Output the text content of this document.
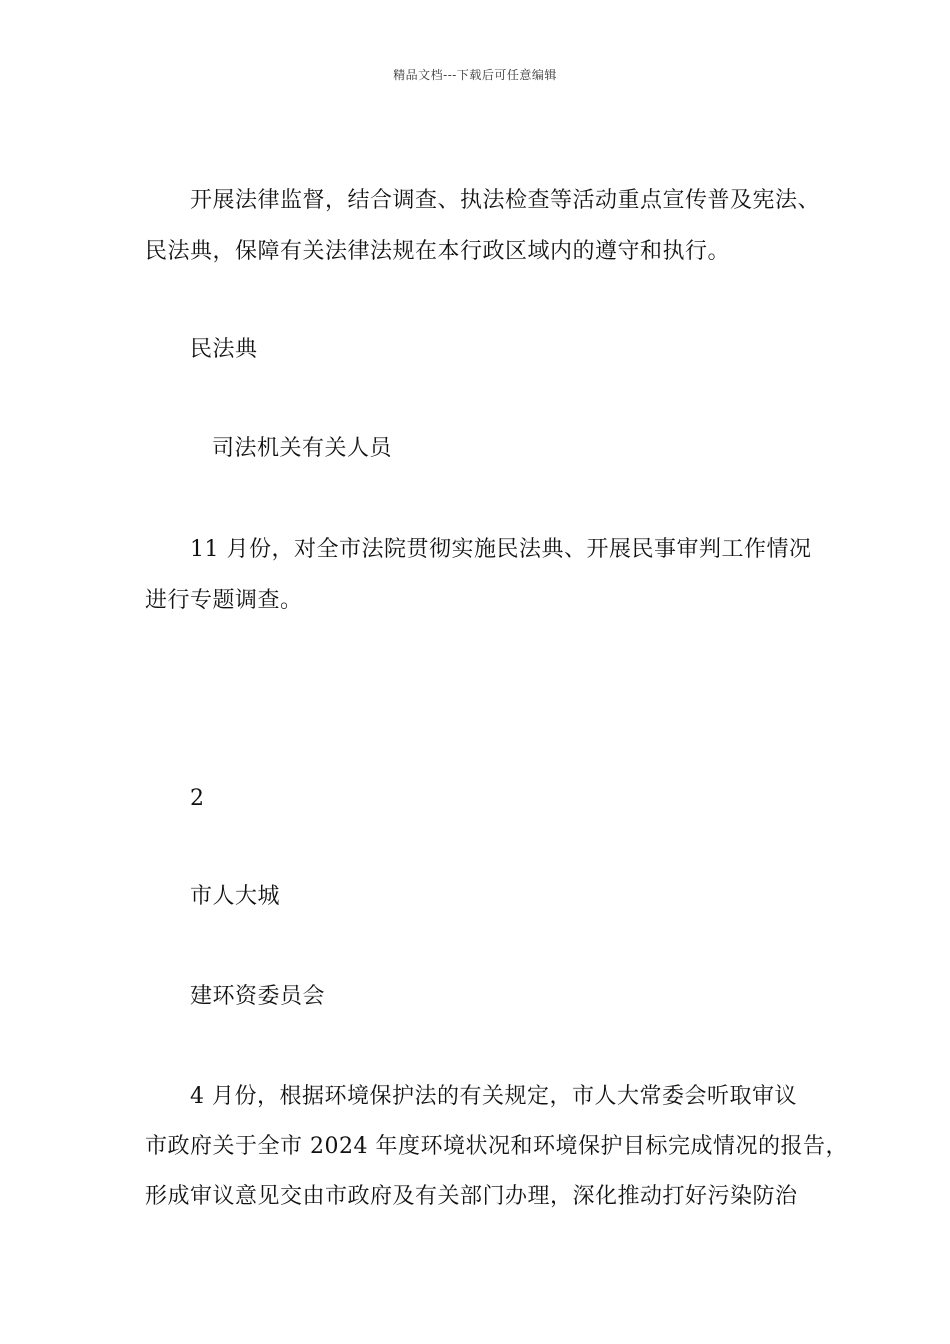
精品文档---下载后可任意编辑
开展法律监督，结合调查、执法检查等活动重点宣传普及宪法、
民法典，保障有关法律法规在本行政区域内的遵守和执行。
民法典
司法机关有关人员
11 月份，对全市法院贯彻实施民法典、开展民事审判工作情况
进行专题调查。
2
市人大城
建环资委员会
4 月份，根据环境保护法的有关规定，市人大常委会听取审议
市政府关于全市 2024 年度环境状况和环境保护目标完成情况的报告，
形成审议意见交由市政府及有关部门办理，深化推动打好污染防治
